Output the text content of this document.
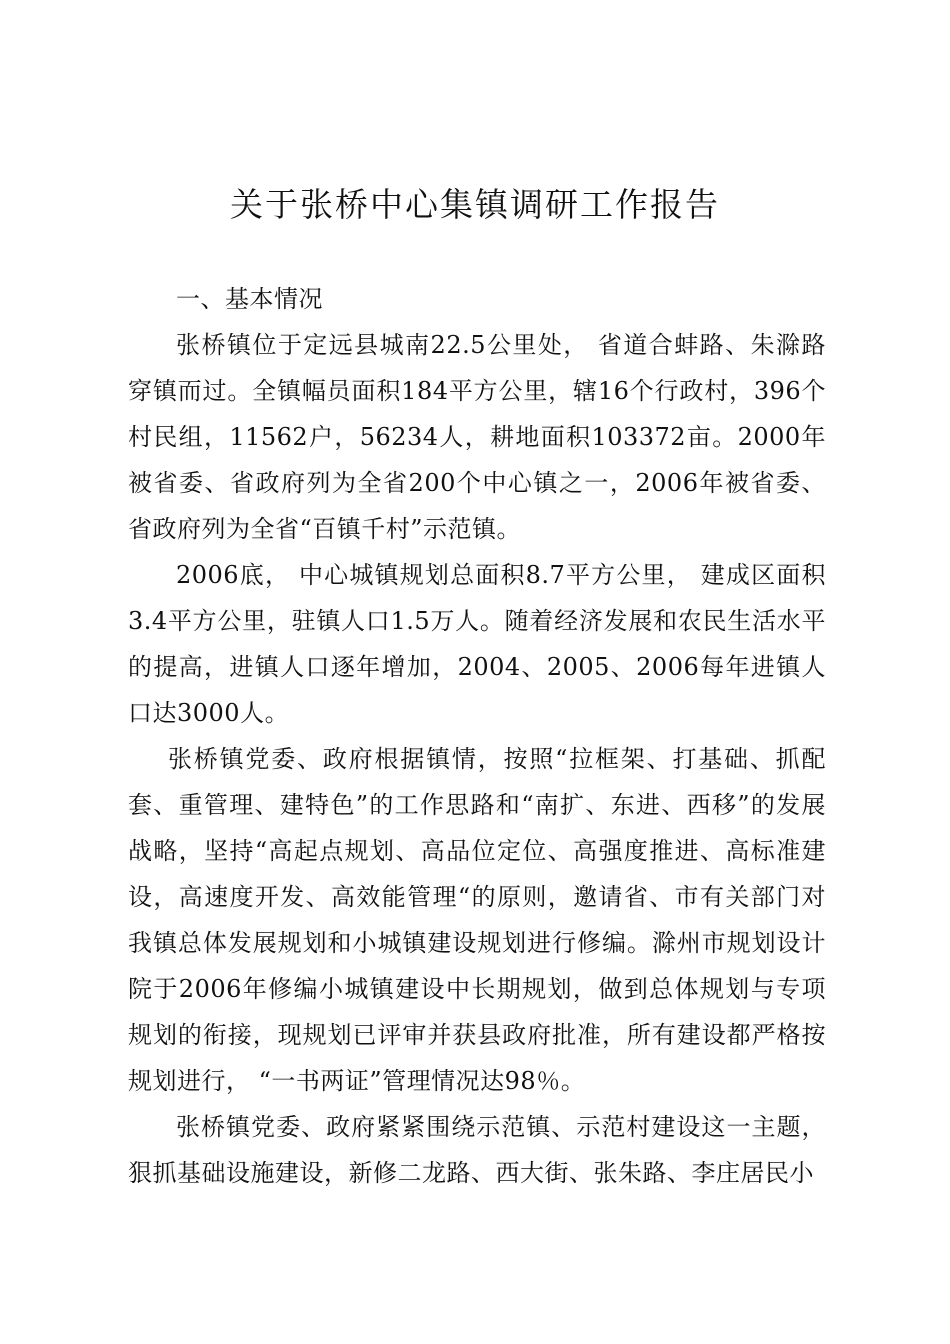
关于张桥中心集镇调研工作报告

一、基本情况

张桥镇位于定远县城南22.5公里处， 省道合蚌路、朱滁路穿镇而过。全镇幅员面积184平方公里，辖16个行政村，396个村民组，11562户，56234人，耕地面积103372亩。2000年被省委、省政府列为全省200个中心镇之一，2006年被省委、省政府列为全省“百镇千村”示范镇。

2006底， 中心城镇规划总面积8.7平方公里， 建成区面积3.4平方公里，驻镇人口1.5万人。随着经济发展和农民生活水平的提高，进镇人口逐年增加，2004、2005、2006每年进镇人口达3000人。

张桥镇党委、政府根据镇情，按照“拉框架、打基础、抓配套、重管理、建特色”的工作思路和“南扩、东进、西移”的发展战略，坚持“高起点规划、高品位定位、高强度推进、高标准建设，高速度开发、高效能管理“的原则，邀请省、市有关部门对我镇总体发展规划和小城镇建设规划进行修编。滁州市规划设计院于2006年修编小城镇建设中长期规划，做到总体规划与专项规划的衔接，现规划已评审并获县政府批准，所有建设都严格按规划进行， “一书两证”管理情况达98％。

张桥镇党委、政府紧紧围绕示范镇、示范村建设这一主题，狠抓基础设施建设，新修二龙路、西大街、张朱路、李庄居民小
